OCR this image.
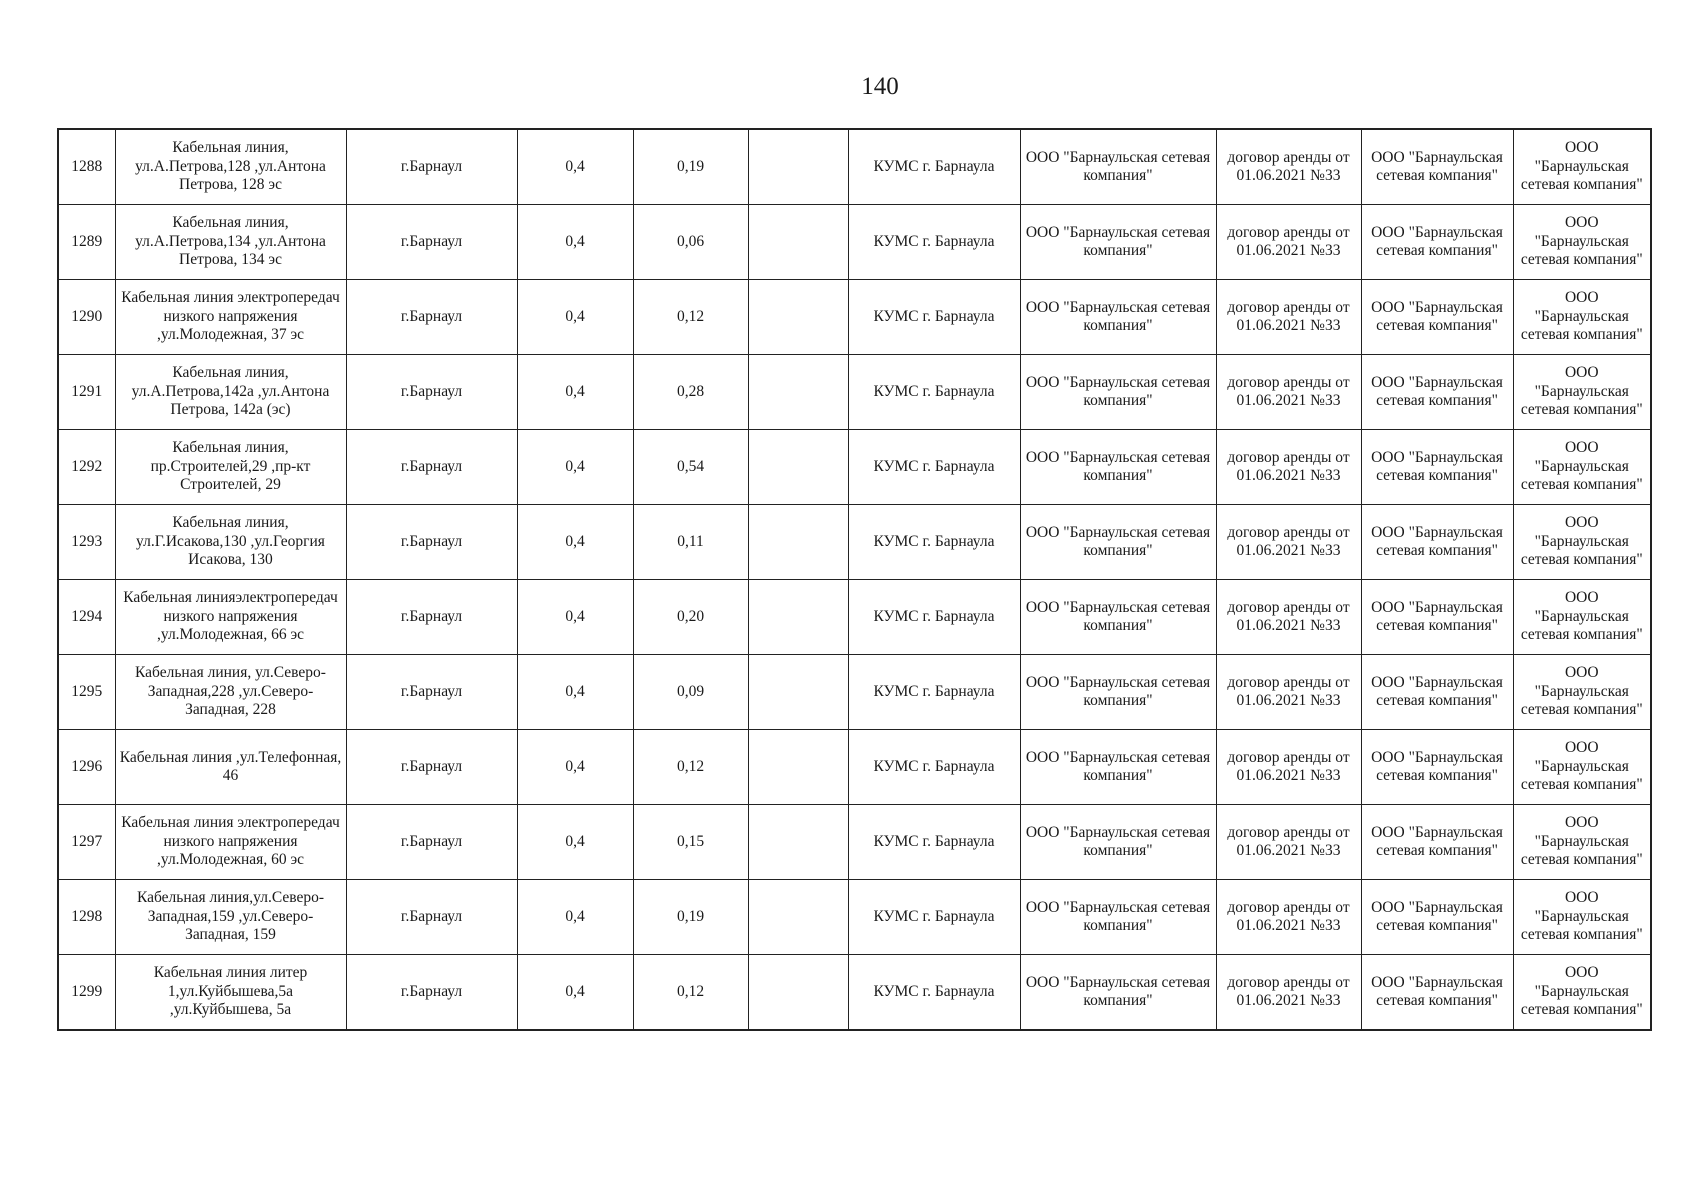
140
1288	Кабельная линия, ул.А.Петрова,128 ,ул.Антона Петрова, 128 эс	г.Барнаул	0,4	0,19		КУМС г. Барнаула	ООО "Барнаульская сетевая компания"	договор аренды от 01.06.2021 №33	ООО "Барнаульская сетевая компания"	ООО "Барнаульская сетевая компания"
1289	Кабельная линия, ул.А.Петрова,134 ,ул.Антона Петрова, 134 эс	г.Барнаул	0,4	0,06		КУМС г. Барнаула	ООО "Барнаульская сетевая компания"	договор аренды от 01.06.2021 №33	ООО "Барнаульская сетевая компания"	ООО "Барнаульская сетевая компания"
1290	Кабельная линия электропередач низкого напряжения ,ул.Молодежная, 37 эс	г.Барнаул	0,4	0,12		КУМС г. Барнаула	ООО "Барнаульская сетевая компания"	договор аренды от 01.06.2021 №33	ООО "Барнаульская сетевая компания"	ООО "Барнаульская сетевая компания"
1291	Кабельная линия, ул.А.Петрова,142а ,ул.Антона Петрова, 142а (эс)	г.Барнаул	0,4	0,28		КУМС г. Барнаула	ООО "Барнаульская сетевая компания"	договор аренды от 01.06.2021 №33	ООО "Барнаульская сетевая компания"	ООО "Барнаульская сетевая компания"
1292	Кабельная линия, пр.Строителей,29 ,пр-кт Строителей, 29	г.Барнаул	0,4	0,54		КУМС г. Барнаула	ООО "Барнаульская сетевая компания"	договор аренды от 01.06.2021 №33	ООО "Барнаульская сетевая компания"	ООО "Барнаульская сетевая компания"
1293	Кабельная линия, ул.Г.Исакова,130 ,ул.Георгия Исакова, 130	г.Барнаул	0,4	0,11		КУМС г. Барнаула	ООО "Барнаульская сетевая компания"	договор аренды от 01.06.2021 №33	ООО "Барнаульская сетевая компания"	ООО "Барнаульская сетевая компания"
1294	Кабельная линияэлектропередач низкого напряжения ,ул.Молодежная, 66 эс	г.Барнаул	0,4	0,20		КУМС г. Барнаула	ООО "Барнаульская сетевая компания"	договор аренды от 01.06.2021 №33	ООО "Барнаульская сетевая компания"	ООО "Барнаульская сетевая компания"
1295	Кабельная линия, ул.Северо-Западная,228 ,ул.Северо-Западная, 228	г.Барнаул	0,4	0,09		КУМС г. Барнаула	ООО "Барнаульская сетевая компания"	договор аренды от 01.06.2021 №33	ООО "Барнаульская сетевая компания"	ООО "Барнаульская сетевая компания"
1296	Кабельная линия ,ул.Телефонная, 46	г.Барнаул	0,4	0,12		КУМС г. Барнаула	ООО "Барнаульская сетевая компания"	договор аренды от 01.06.2021 №33	ООО "Барнаульская сетевая компания"	ООО "Барнаульская сетевая компания"
1297	Кабельная линия электропередач низкого напряжения ,ул.Молодежная, 60 эс	г.Барнаул	0,4	0,15		КУМС г. Барнаула	ООО "Барнаульская сетевая компания"	договор аренды от 01.06.2021 №33	ООО "Барнаульская сетевая компания"	ООО "Барнаульская сетевая компания"
1298	Кабельная линия,ул.Северо-Западная,159 ,ул.Северо-Западная, 159	г.Барнаул	0,4	0,19		КУМС г. Барнаула	ООО "Барнаульская сетевая компания"	договор аренды от 01.06.2021 №33	ООО "Барнаульская сетевая компания"	ООО "Барнаульская сетевая компания"
1299	Кабельная линия литер 1,ул.Куйбышева,5а ,ул.Куйбышева, 5а	г.Барнаул	0,4	0,12		КУМС г. Барнаула	ООО "Барнаульская сетевая компания"	договор аренды от 01.06.2021 №33	ООО "Барнаульская сетевая компания"	ООО "Барнаульская сетевая компания"
